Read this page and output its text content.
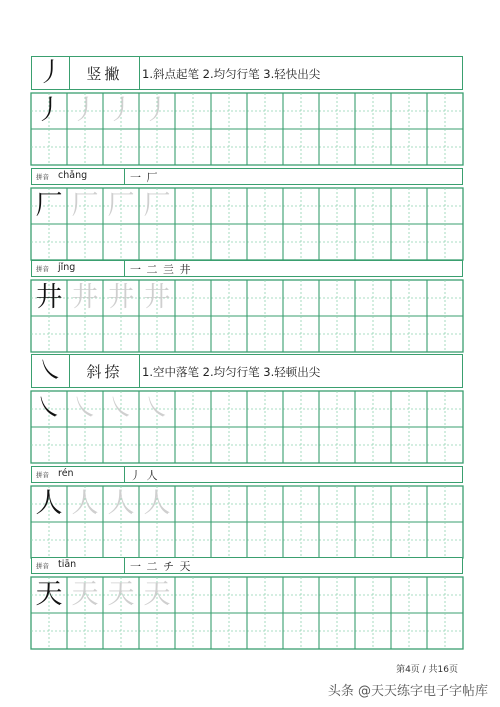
丿 竖撇 1.斜点起笔 2.均匀行笔 3.轻快出尖
㇏ 斜捺 1.空中落笔 2.均匀行笔 3.轻顿出尖
拼音 chǎng	一 厂
拼音 jǐng	一 二 亖 井
拼音 rén	丿 人
拼音 tiān	一 二 チ 天
丿 丿 丿 丿
厂 厂 厂 厂
井 井 井 井
㇏ ㇏ ㇏ ㇏
人 人 人 人
天 天 天 天
第4页 / 共16页
头条 @天天练字电子字帖库
